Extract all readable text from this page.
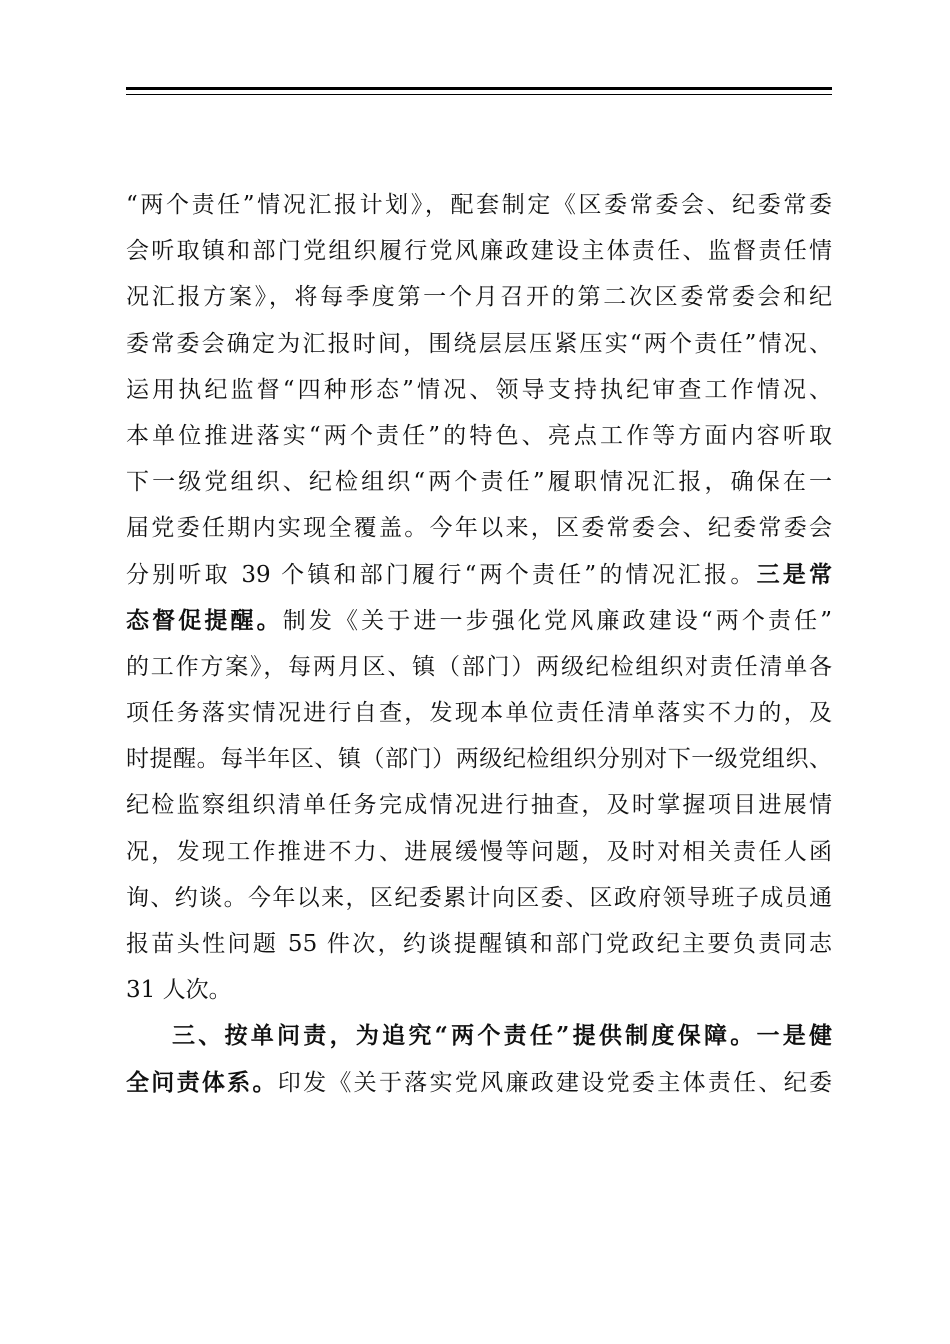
“两个责任”情况汇报计划》，配套制定《区委常委会、纪委常委
会听取镇和部门党组织履行党风廉政建设主体责任、监督责任情
况汇报方案》，将每季度第一个月召开的第二次区委常委会和纪
委常委会确定为汇报时间，围绕层层压紧压实“两个责任”情况、
运用执纪监督“四种形态”情况、领导支持执纪审查工作情况、
本单位推进落实“两个责任”的特色、亮点工作等方面内容听取
下一级党组织、纪检组织“两个责任”履职情况汇报，确保在一
届党委任期内实现全覆盖。今年以来，区委常委会、纪委常委会
分别听取 39 个镇和部门履行“两个责任”的情况汇报。三是常
态督促提醒。制发《关于进一步强化党风廉政建设“两个责任”
的工作方案》，每两月区、镇（部门）两级纪检组织对责任清单各
项任务落实情况进行自查，发现本单位责任清单落实不力的，及
时提醒。每半年区、镇（部门）两级纪检组织分别对下一级党组织、
纪检监察组织清单任务完成情况进行抽查，及时掌握项目进展情
况，发现工作推进不力、进展缓慢等问题，及时对相关责任人函
询、约谈。今年以来，区纪委累计向区委、区政府领导班子成员通
报苗头性问题 55 件次，约谈提醒镇和部门党政纪主要负责同志
31 人次。
三、按单问责，为追究“两个责任”提供制度保障。一是健
全问责体系。印发《关于落实党风廉政建设党委主体责任、纪委
